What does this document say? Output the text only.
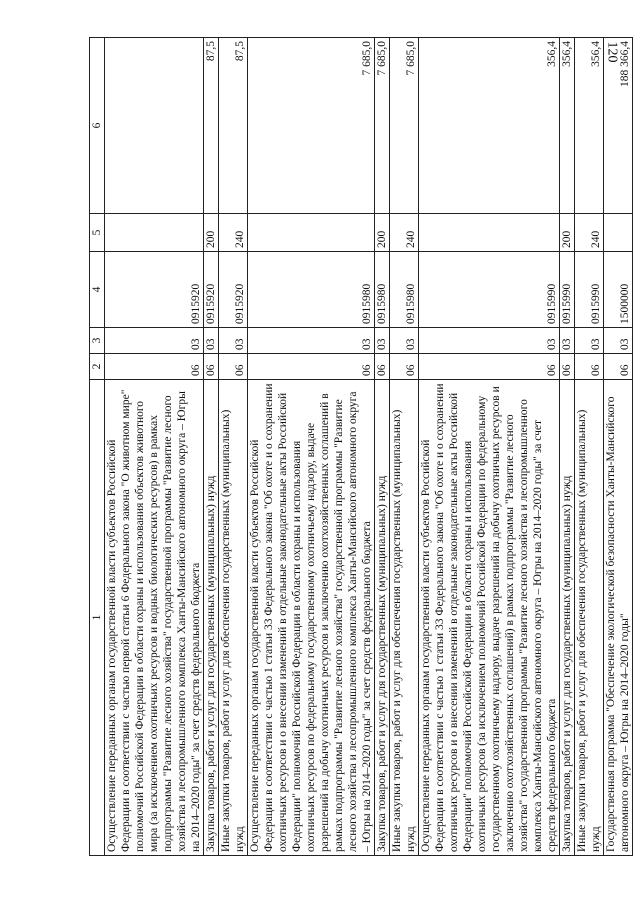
120
1	2	3	4	5	6
Осуществление переданных органам государственной власти субъектов Российской Федерации в соответствии с частью первой статьи 6 Федерального закона "О животном мире" полномочий Российской Федерации в области охраны и использования объектов животного мира (за исключением охотничьих ресурсов и водных биологических ресурсов) в рамках подпрограммы "Развитие лесного хозяйства" государственной программы "Развитие лесного хозяйства и лесопромышленного комплекса Ханты-Мансийского автономного округа – Югры на 2014–2020 годы" за счет средств федерального бюджета	06	03	0915920		
Закупка товаров, работ и услуг для государственных (муниципальных) нужд	06	03	0915920	200	87,5
Иные закупки товаров, работ и услуг для обеспечения государственных (муниципальных) нужд	06	03	0915920	240	87,5
Осуществление переданных органам государственной власти субъектов Российской Федерации в соответствии с частью 1 статьи 33 Федерального закона "Об охоте и о сохранении охотничьих ресурсов и о внесении изменений в отдельные законодательные акты Российской Федерации" полномочий Российской Федерации в области охраны и использования охотничьих ресурсов по федеральному государственному охотничьему надзору, выдаче разрешений на добычу охотничьих ресурсов и заключению охотхозяйственных соглашений в рамках подпрограммы "Развитие лесного хозяйства" государственной программы "Развитие лесного хозяйства и лесопромышленного комплекса Ханты-Мансийского автономного округа – Югры на 2014–2020 годы" за счет средств федерального бюджета	06	03	0915980		7 685,0
Закупка товаров, работ и услуг для государственных (муниципальных) нужд	06	03	0915980	200	7 685,0
Иные закупки товаров, работ и услуг для обеспечения государственных (муниципальных) нужд	06	03	0915980	240	7 685,0
Осуществление переданных органам государственной власти субъектов Российской Федерации в соответствии с частью 1 статьи 33 Федерального закона "Об охоте и о сохранении охотничьих ресурсов и о внесении изменений в отдельные законодательные акты Российской Федерации" полномочий Российской Федерации в области охраны и использования охотничьих ресурсов (за исключением полномочий Российской Федерации по федеральному государственному охотничьему надзору, выдаче разрешений на добычу охотничьих ресурсов и заключению охотхозяйственных соглашений) в рамках подпрограммы "Развитие лесного хозяйства" государственной программы "Развитие лесного хозяйства и лесопромышленного комплекса Ханты-Мансийского автономного округа – Югры на 2014–2020 годы" за счет средств федерального бюджета	06	03	0915990		356,4
Закупка товаров, работ и услуг для государственных (муниципальных) нужд	06	03	0915990	200	356,4
Иные закупки товаров, работ и услуг для обеспечения государственных (муниципальных) нужд	06	03	0915990	240	356,4
Государственная программа "Обеспечение экологической безопасности Ханты-Мансийского автономного округа – Югры на 2014–2020 годы"	06	03	1500000		188 366,4
